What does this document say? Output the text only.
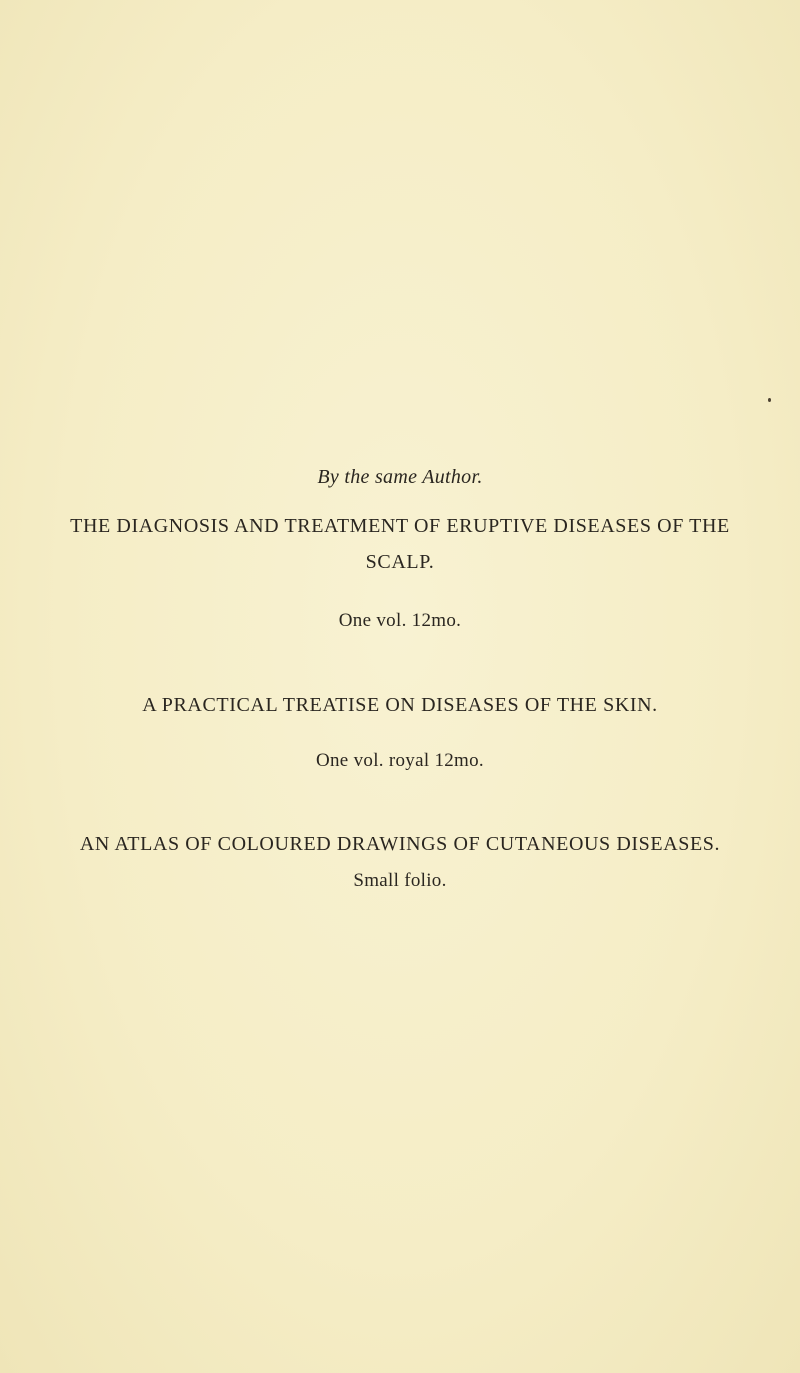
By the same Author.
THE DIAGNOSIS AND TREATMENT OF ERUPTIVE DISEASES OF THE
SCALP.
One vol. 12mo.
A PRACTICAL TREATISE ON DISEASES OF THE SKIN.
One vol. royal 12mo.
AN ATLAS OF COLOURED DRAWINGS OF CUTANEOUS DISEASES.
Small folio.
